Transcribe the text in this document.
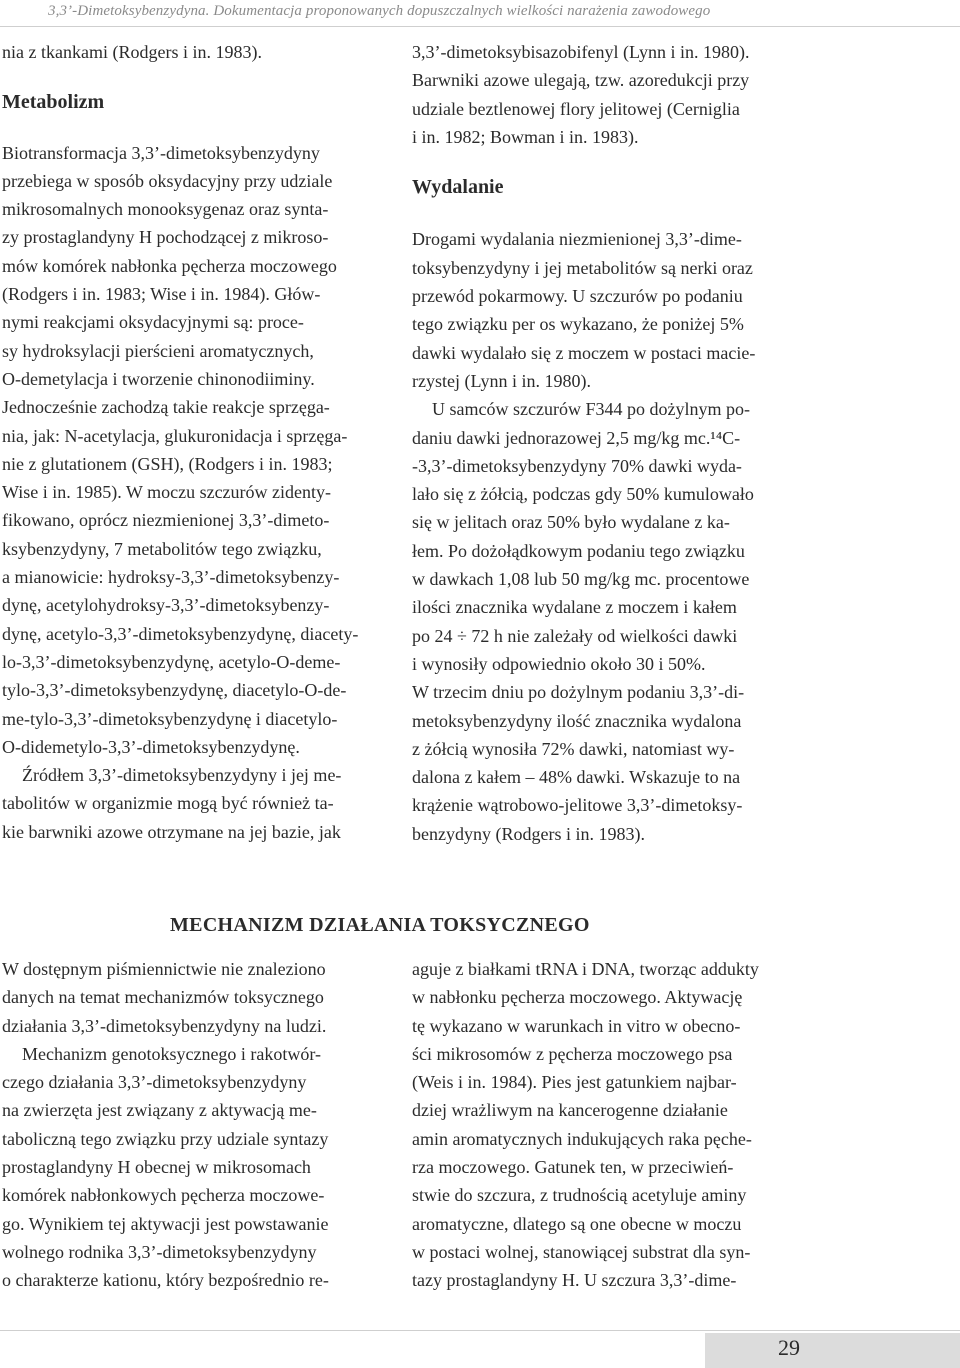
3,3’-Dimetoksybenzydyna. Dokumentacja proponowanych dopuszczalnych wielkości narażenia zawodowego

nia z tkankami (Rodgers i in. 1983).

Metabolizm

Biotransformacja 3,3’-dimetoksybenzydyny
przebiega w sposób oksydacyjny przy udziale
mikrosomalnych monooksygenaz oraz synta-
zy prostaglandyny H pochodzącej z mikroso-
mów komórek nabłonka pęcherza moczowego
(Rodgers i in. 1983; Wise i in. 1984). Głów-
nymi reakcjami oksydacyjnymi są: proce-
sy hydroksylacji pierścieni aromatycznych,
O-demetylacja i tworzenie chinonodiiminy.
Jednocześnie zachodzą takie reakcje sprzęga-
nia, jak: N-acetylacja, glukuronidacja i sprzęga-
nie z glutationem (GSH), (Rodgers i in. 1983;
Wise i in. 1985). W moczu szczurów zidenty-
fikowano, oprócz niezmienionej 3,3’-dimeto-
ksybenzydyny, 7 metabolitów tego związku,
a mianowicie: hydroksy-3,3’-dimetoksybenzy-
dynę, acetylohydroksy-3,3’-dimetoksybenzy-
dynę, acetylo-3,3’-dimetoksybenzydynę, diacety-
lo-3,3’-dimetoksybenzydynę, acetylo-O-deme-
tylo-3,3’-dimetoksybenzydynę, diacetylo-O-de-
me-tylo-3,3’-dimetoksybenzydynę i diacetylo-
O-didemetylo-3,3’-dimetoksybenzydynę.

Źródłem 3,3’-dimetoksybenzydyny i jej me-
tabolitów w organizmie mogą być również ta-
kie barwniki azowe otrzymane na jej bazie, jak

3,3’-dimetoksybisazobifenyl (Lynn i in. 1980).
Barwniki azowe ulegają, tzw. azoredukcji przy
udziale beztlenowej flory jelitowej (Cerniglia
i in. 1982; Bowman i in. 1983).

Wydalanie

Drogami wydalania niezmienionej 3,3’-dime-
toksybenzydyny i jej metabolitów są nerki oraz
przewód pokarmowy. U szczurów po podaniu
tego związku per os wykazano, że poniżej 5%
dawki wydalało się z moczem w postaci macie-
rzystej (Lynn i in. 1980).

U samców szczurów F344 po dożylnym po-
daniu dawki jednorazowej 2,5 mg/kg mc.¹⁴C-
-3,3’-dimetoksybenzydyny 70% dawki wyda-
lało się z żółcią, podczas gdy 50% kumulowało
się w jelitach oraz 50% było wydalane z ka-
łem. Po dożołądkowym podaniu tego związku
w dawkach 1,08 lub 50 mg/kg mc. procentowe
ilości znacznika wydalane z moczem i kałem
po 24 ÷ 72 h nie zależały od wielkości dawki
i wynosiły odpowiednio około 30 i 50%.
W trzecim dniu po dożylnym podaniu 3,3’-di-
metoksybenzydyny ilość znacznika wydalona
z żółcią wynosiła 72% dawki, natomiast wy-
dalona z kałem – 48% dawki. Wskazuje to na
krążenie wątrobowo-jelitowe 3,3’-dimetoksy-
benzydyny (Rodgers i in. 1983).

MECHANIZM DZIAŁANIA TOKSYCZNEGO

W dostępnym piśmiennictwie nie znaleziono
danych na temat mechanizmów toksycznego
działania 3,3’-dimetoksybenzydyny na ludzi.

Mechanizm genotoksycznego i rakotwór-
czego działania 3,3’-dimetoksybenzydyny
na zwierzęta jest związany z aktywacją me-
taboliczną tego związku przy udziale syntazy
prostaglandyny H obecnej w mikrosomach
komórek nabłonkowych pęcherza moczowe-
go. Wynikiem tej aktywacji jest powstawanie
wolnego rodnika 3,3’-dimetoksybenzydyny
o charakterze kationu, który bezpośrednio re-

aguje z białkami tRNA i DNA, tworząc addukty
w nabłonku pęcherza moczowego. Aktywację
tę wykazano w warunkach in vitro w obecno-
ści mikrosomów z pęcherza moczowego psa
(Weis i in. 1984). Pies jest gatunkiem najbar-
dziej wrażliwym na kancerogenne działanie
amin aromatycznych indukujących raka pęche-
rza moczowego. Gatunek ten, w przeciwień-
stwie do szczura, z trudnością acetyluje aminy
aromatyczne, dlatego są one obecne w moczu
w postaci wolnej, stanowiącej substrat dla syn-
tazy prostaglandyny H. U szczura 3,3’-dime-

29
